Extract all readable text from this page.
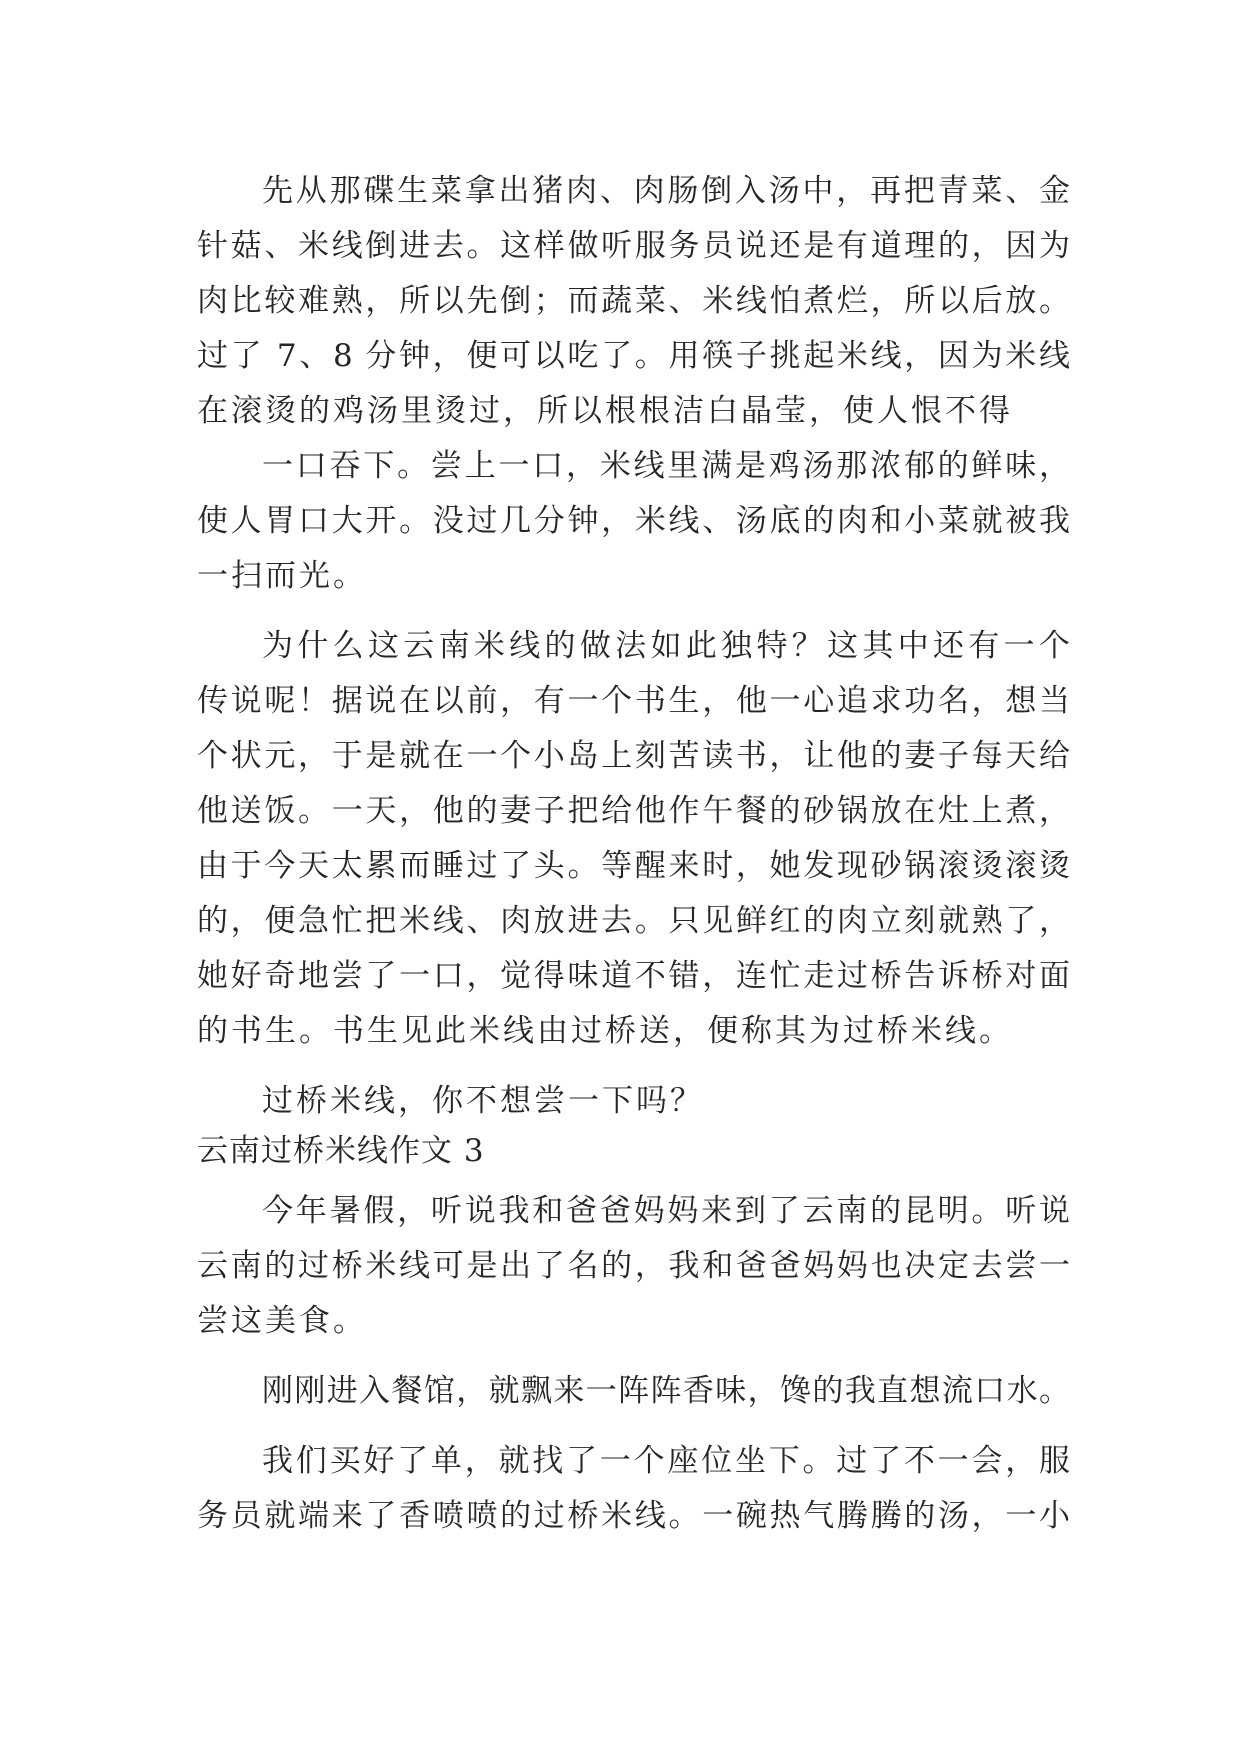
先从那碟生菜拿出猪肉、肉肠倒入汤中，再把青菜、金
针菇、米线倒进去。这样做听服务员说还是有道理的，因为
肉比较难熟，所以先倒；而蔬菜、米线怕煮烂，所以后放。
过了 7、8 分钟，便可以吃了。用筷子挑起米线，因为米线
在滚烫的鸡汤里烫过，所以根根洁白晶莹，使人恨不得
一口吞下。尝上一口，米线里满是鸡汤那浓郁的鲜味，
使人胃口大开。没过几分钟，米线、汤底的肉和小菜就被我
一扫而光。
为什么这云南米线的做法如此独特？这其中还有一个
传说呢！据说在以前，有一个书生，他一心追求功名，想当
个状元，于是就在一个小岛上刻苦读书，让他的妻子每天给
他送饭。一天，他的妻子把给他作午餐的砂锅放在灶上煮，
由于今天太累而睡过了头。等醒来时，她发现砂锅滚烫滚烫
的，便急忙把米线、肉放进去。只见鲜红的肉立刻就熟了，
她好奇地尝了一口，觉得味道不错，连忙走过桥告诉桥对面
的书生。书生见此米线由过桥送，便称其为过桥米线。
过桥米线，你不想尝一下吗？
云南过桥米线作文 3
今年暑假，听说我和爸爸妈妈来到了云南的昆明。听说
云南的过桥米线可是出了名的，我和爸爸妈妈也决定去尝一
尝这美食。
刚刚进入餐馆，就飘来一阵阵香味，馋的我直想流口水。
我们买好了单，就找了一个座位坐下。过了不一会，服
务员就端来了香喷喷的过桥米线。一碗热气腾腾的汤，一小
